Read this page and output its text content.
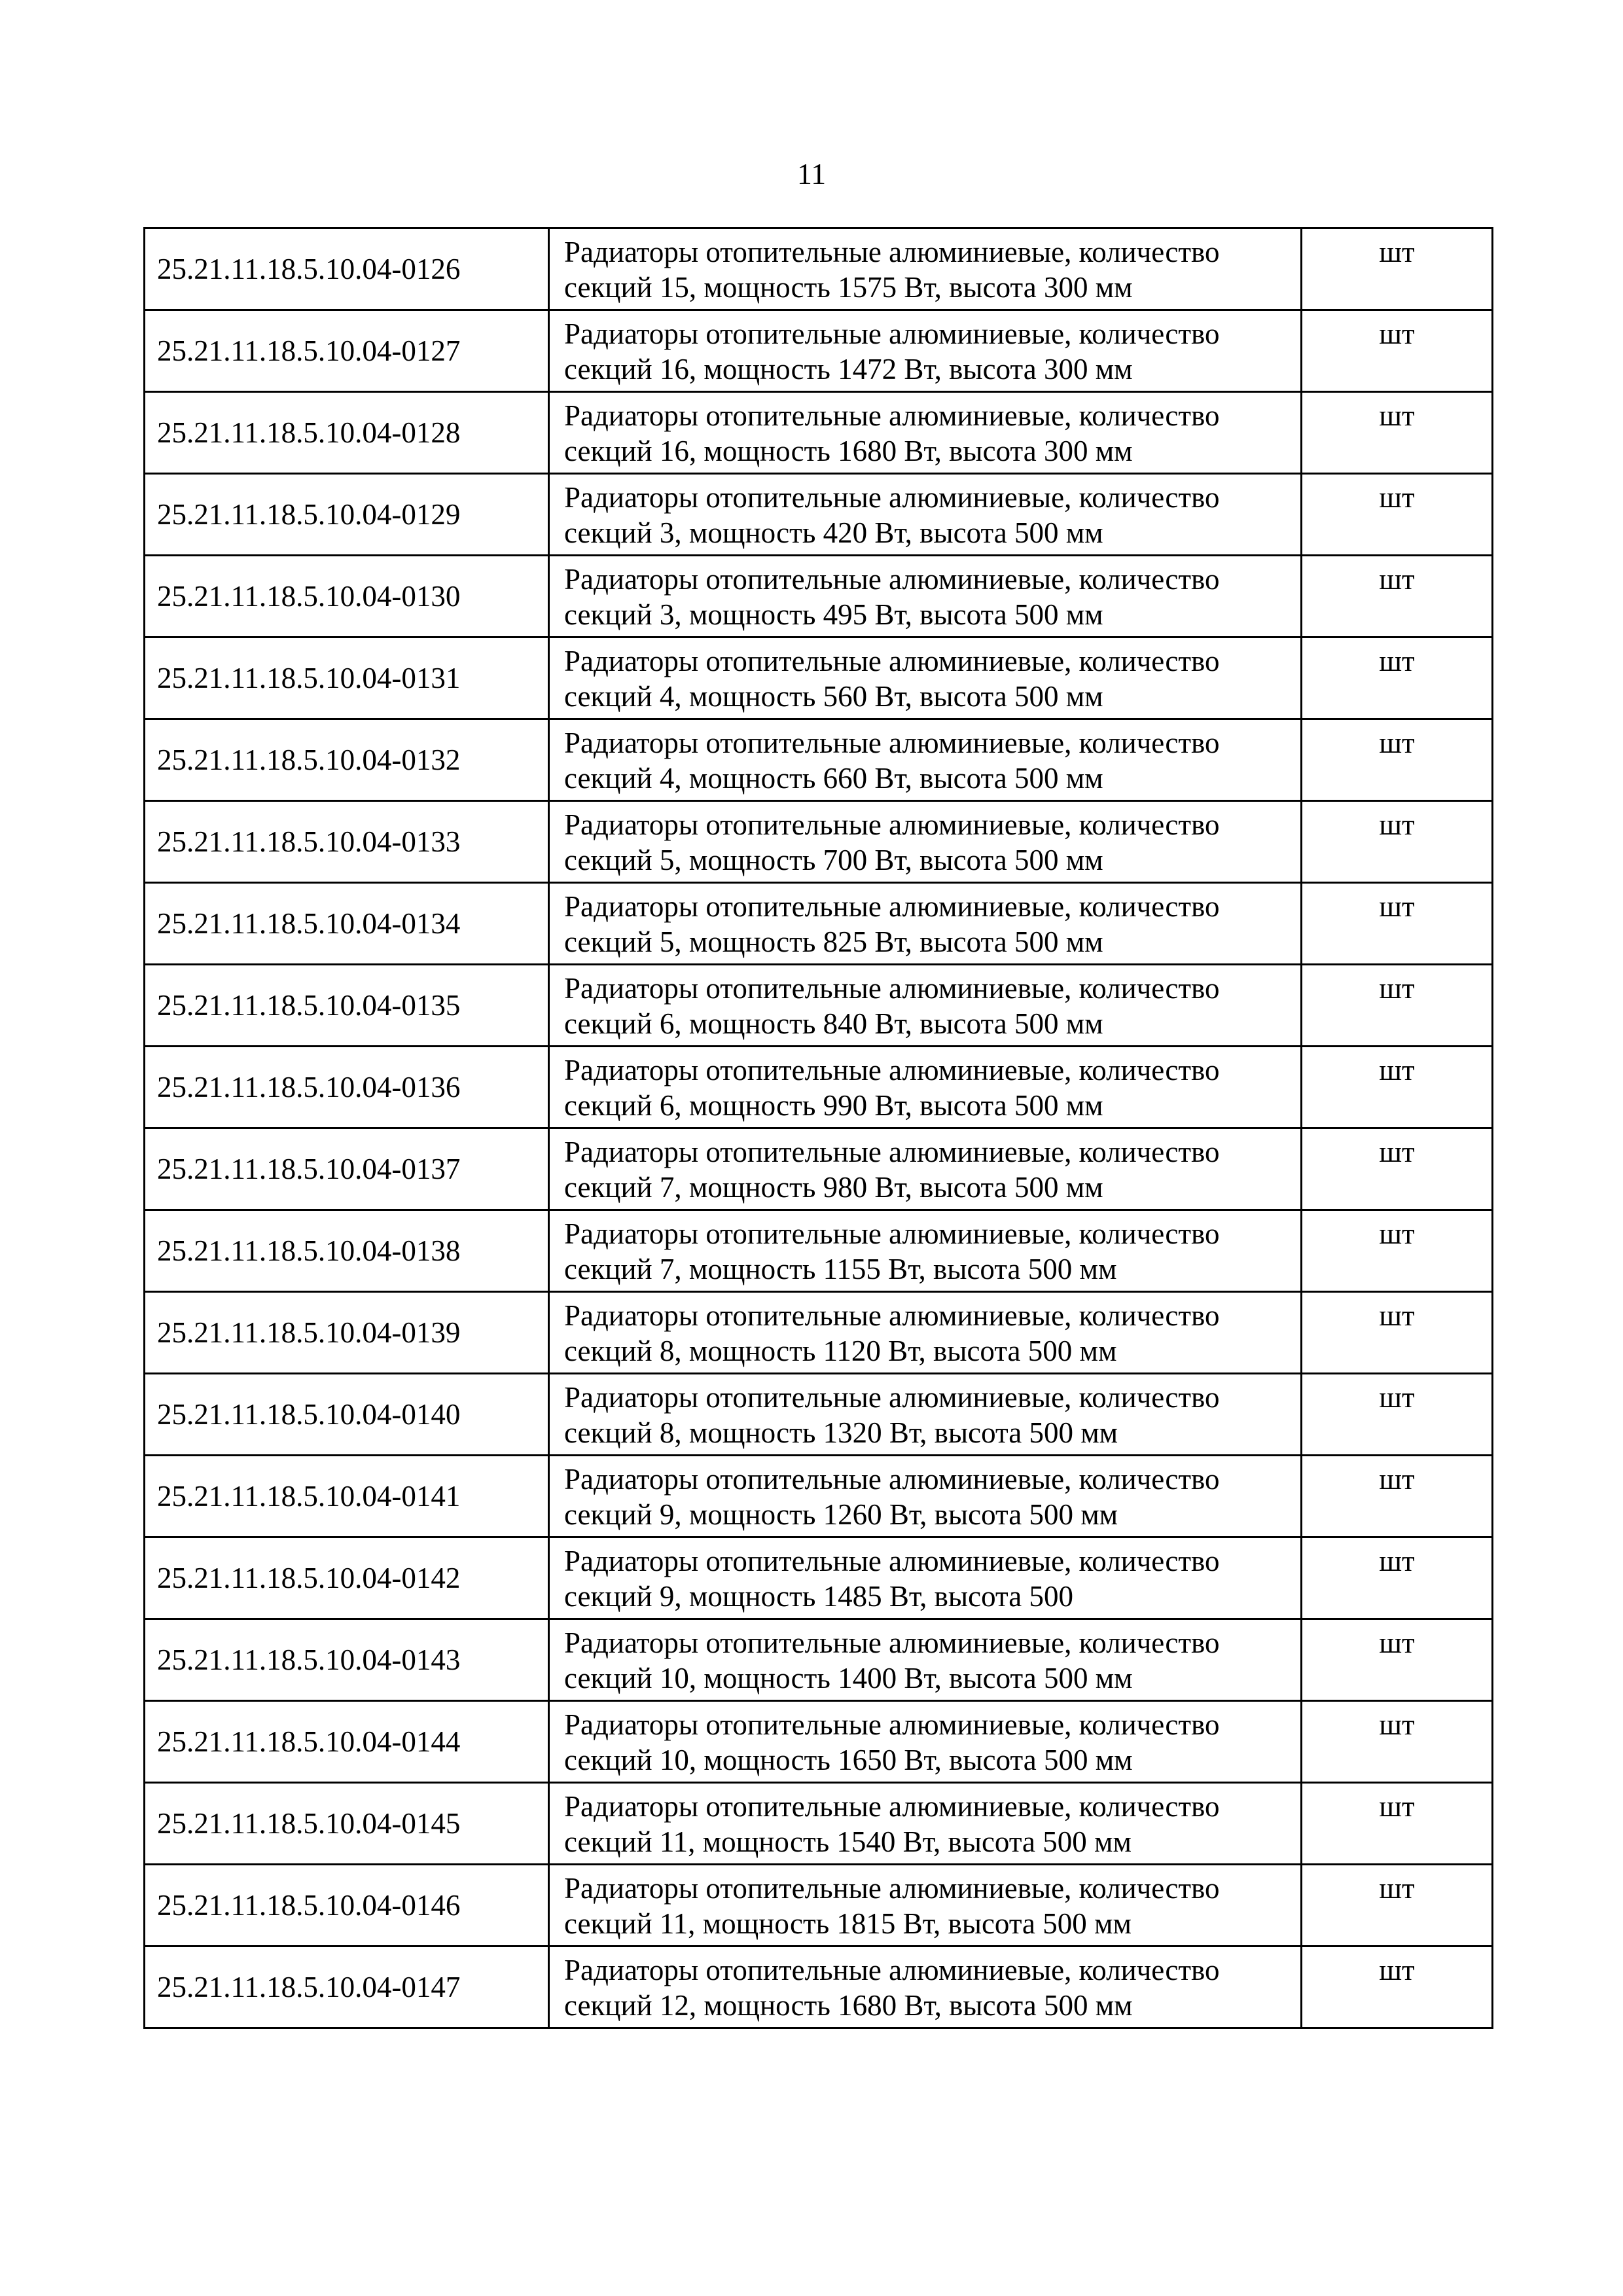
11
25.21.11.18.5.10.04-0126	Радиаторы отопительные алюминиевые, количество секций 15, мощность 1575 Вт, высота 300 мм	шт
25.21.11.18.5.10.04-0127	Радиаторы отопительные алюминиевые, количество секций 16, мощность 1472 Вт, высота 300 мм	шт
25.21.11.18.5.10.04-0128	Радиаторы отопительные алюминиевые, количество секций 16, мощность 1680 Вт, высота 300 мм	шт
25.21.11.18.5.10.04-0129	Радиаторы отопительные алюминиевые, количество секций 3, мощность 420 Вт, высота 500 мм	шт
25.21.11.18.5.10.04-0130	Радиаторы отопительные алюминиевые, количество секций 3, мощность 495 Вт, высота 500 мм	шт
25.21.11.18.5.10.04-0131	Радиаторы отопительные алюминиевые, количество секций 4, мощность 560 Вт, высота 500 мм	шт
25.21.11.18.5.10.04-0132	Радиаторы отопительные алюминиевые, количество секций 4, мощность 660 Вт, высота 500 мм	шт
25.21.11.18.5.10.04-0133	Радиаторы отопительные алюминиевые, количество секций 5, мощность 700 Вт, высота 500 мм	шт
25.21.11.18.5.10.04-0134	Радиаторы отопительные алюминиевые, количество секций 5, мощность 825 Вт, высота 500 мм	шт
25.21.11.18.5.10.04-0135	Радиаторы отопительные алюминиевые, количество секций 6, мощность 840 Вт, высота 500 мм	шт
25.21.11.18.5.10.04-0136	Радиаторы отопительные алюминиевые, количество секций 6, мощность 990 Вт, высота 500 мм	шт
25.21.11.18.5.10.04-0137	Радиаторы отопительные алюминиевые, количество секций 7, мощность 980 Вт, высота 500 мм	шт
25.21.11.18.5.10.04-0138	Радиаторы отопительные алюминиевые, количество секций 7, мощность 1155 Вт, высота 500 мм	шт
25.21.11.18.5.10.04-0139	Радиаторы отопительные алюминиевые, количество секций 8, мощность 1120 Вт, высота 500 мм	шт
25.21.11.18.5.10.04-0140	Радиаторы отопительные алюминиевые, количество секций 8, мощность 1320 Вт, высота 500 мм	шт
25.21.11.18.5.10.04-0141	Радиаторы отопительные алюминиевые, количество секций 9, мощность 1260 Вт, высота 500 мм	шт
25.21.11.18.5.10.04-0142	Радиаторы отопительные алюминиевые, количество секций 9, мощность 1485 Вт, высота 500	шт
25.21.11.18.5.10.04-0143	Радиаторы отопительные алюминиевые, количество секций 10, мощность 1400 Вт, высота 500 мм	шт
25.21.11.18.5.10.04-0144	Радиаторы отопительные алюминиевые, количество секций 10, мощность 1650 Вт, высота 500 мм	шт
25.21.11.18.5.10.04-0145	Радиаторы отопительные алюминиевые, количество секций 11, мощность 1540 Вт, высота 500 мм	шт
25.21.11.18.5.10.04-0146	Радиаторы отопительные алюминиевые, количество секций 11, мощность 1815 Вт, высота 500 мм	шт
25.21.11.18.5.10.04-0147	Радиаторы отопительные алюминиевые, количество секций 12, мощность 1680 Вт, высота 500 мм	шт
